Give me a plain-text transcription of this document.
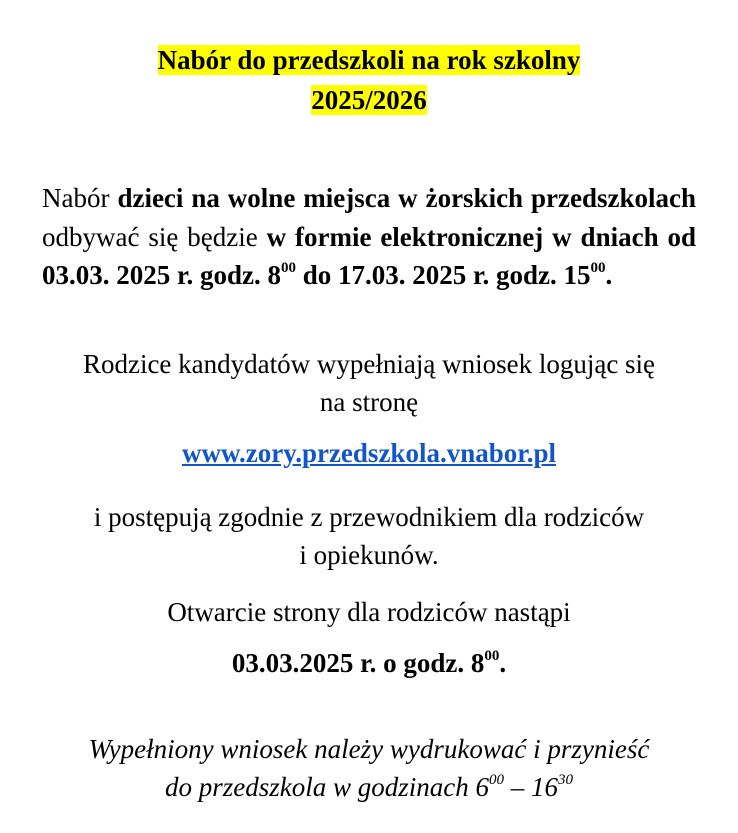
Nabór do przedszkoli na rok szkolny
2025/2026
Nabór dzieci na wolne miejsca w żorskich przedszkolach odbywać się będzie w formie elektronicznej w dniach od 03.03. 2025 r. godz. $8^{00}$ do 17.03. 2025 r. godz. $15^{00}$.
Rodzice kandydatów wypełniają wniosek logując się
na stronę
www.zory.przedszkola.vnabor.pl
i postępują zgodnie z przewodnikiem dla rodziców
i opiekunów.
Otwarcie strony dla rodziców nastąpi
03.03.2025 r. o godz. $8^{00}$.
Wypełniony wniosek należy wydrukować i przynieść
do przedszkola w godzinach $6^{00} - 16^{30}$
